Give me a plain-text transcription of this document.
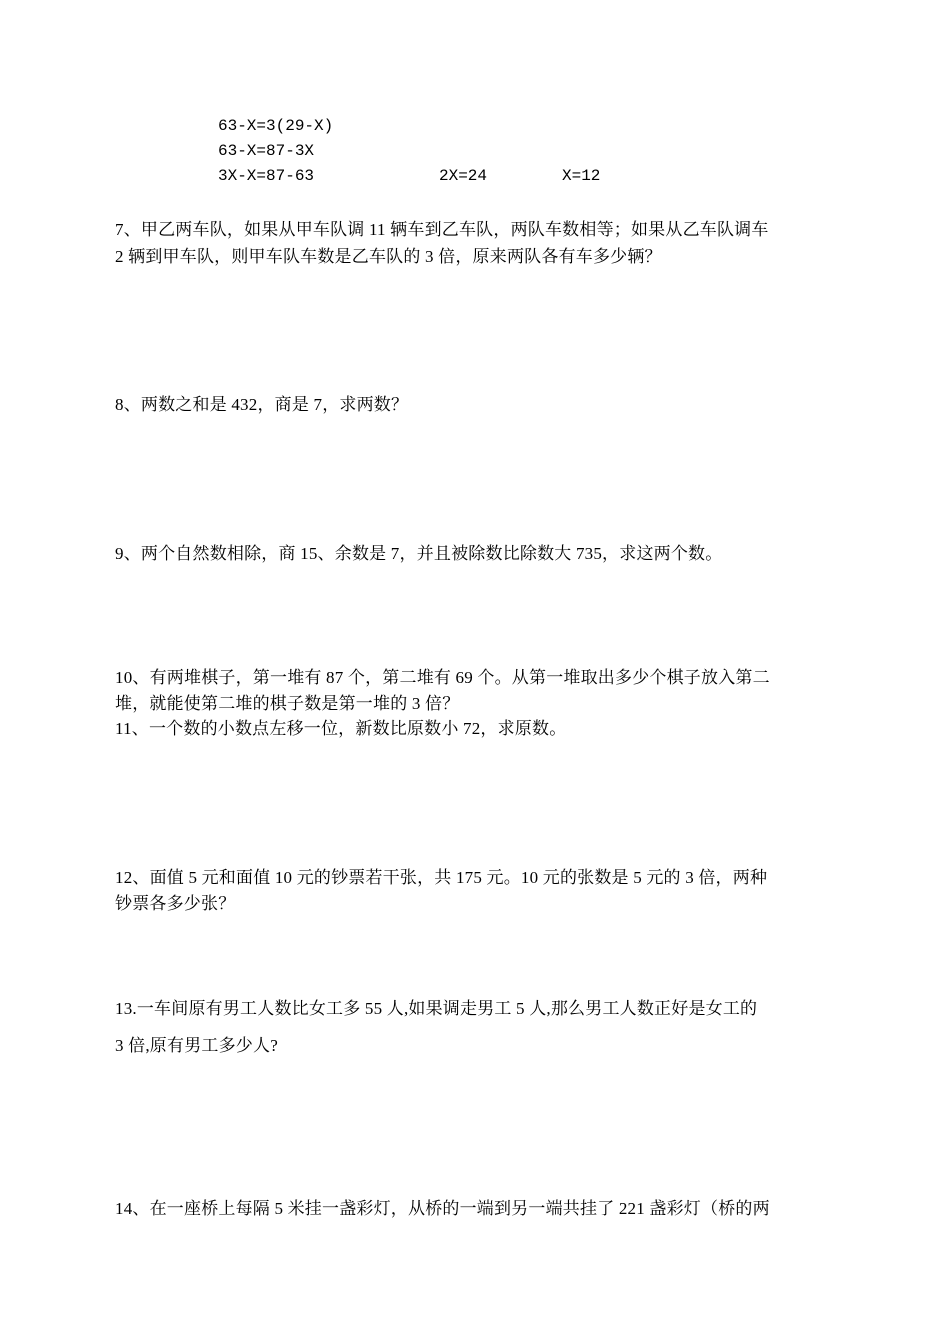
63-X=3(29-X)
63-X=87-3X
3X-X=87-63	2X=24	X=12
7、甲乙两车队，如果从甲车队调 11 辆车到乙车队，两队车数相等；如果从乙车队调车
2 辆到甲车队，则甲车队车数是乙车队的 3 倍，原来两队各有车多少辆？
8、两数之和是 432，商是 7，求两数？
9、两个自然数相除，商 15、余数是 7，并且被除数比除数大 735，求这两个数。
10、有两堆棋子，第一堆有 87 个，第二堆有 69 个。从第一堆取出多少个棋子放入第二
堆，就能使第二堆的棋子数是第一堆的 3 倍？
11、一个数的小数点左移一位，新数比原数小 72，求原数。
12、面值 5 元和面值 10 元的钞票若干张，共 175 元。10 元的张数是 5 元的 3 倍，两种
钞票各多少张？
13.一车间原有男工人数比女工多 55 人,如果调走男工 5 人,那么男工人数正好是女工的
3 倍,原有男工多少人?
14、在一座桥上每隔 5 米挂一盏彩灯，从桥的一端到另一端共挂了 221 盏彩灯（桥的两
